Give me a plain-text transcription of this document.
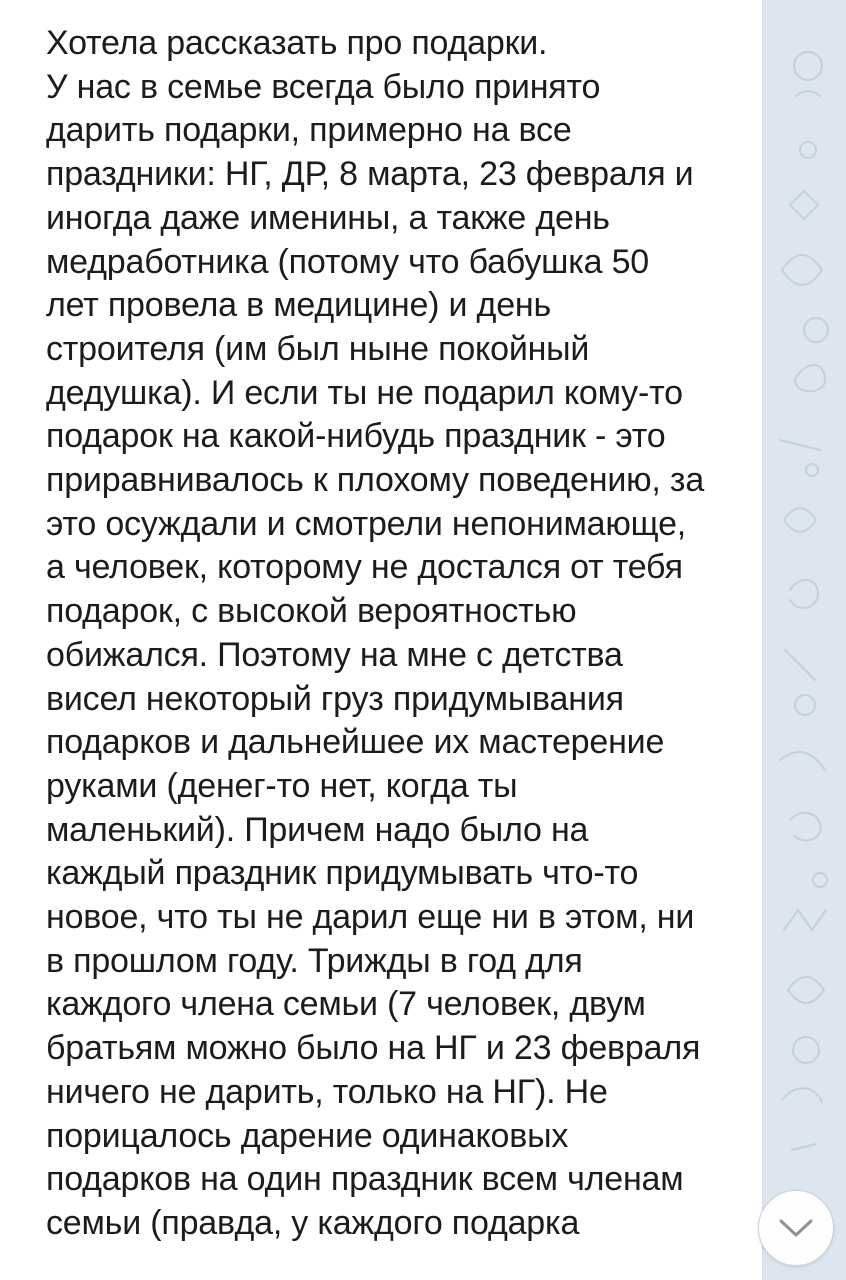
Хотела рассказать про подарки.
У нас в семье всегда было принято
дарить подарки, примерно на все
праздники: НГ, ДР, 8 марта, 23 февраля и
иногда даже именины, а также день
медработника (потому что бабушка 50
лет провела в медицине) и день
строителя (им был ныне покойный
дедушка). И если ты не подарил кому-то
подарок на какой-нибудь праздник - это
приравнивалось к плохому поведению, за
это осуждали и смотрели непонимающе,
а человек, которому не достался от тебя
подарок, с высокой вероятностью
обижался. Поэтому на мне с детства
висел некоторый груз придумывания
подарков и дальнейшее их мастерение
руками (денег-то нет, когда ты
маленький). Причем надо было на
каждый праздник придумывать что-то
новое, что ты не дарил еще ни в этом, ни
в прошлом году. Трижды в год для
каждого члена семьи (7 человек, двум
братьям можно было на НГ и 23 февраля
ничего не дарить, только на НГ). Не
порицалось дарение одинаковых
подарков на один праздник всем членам
семьи (правда, у каждого подарка
